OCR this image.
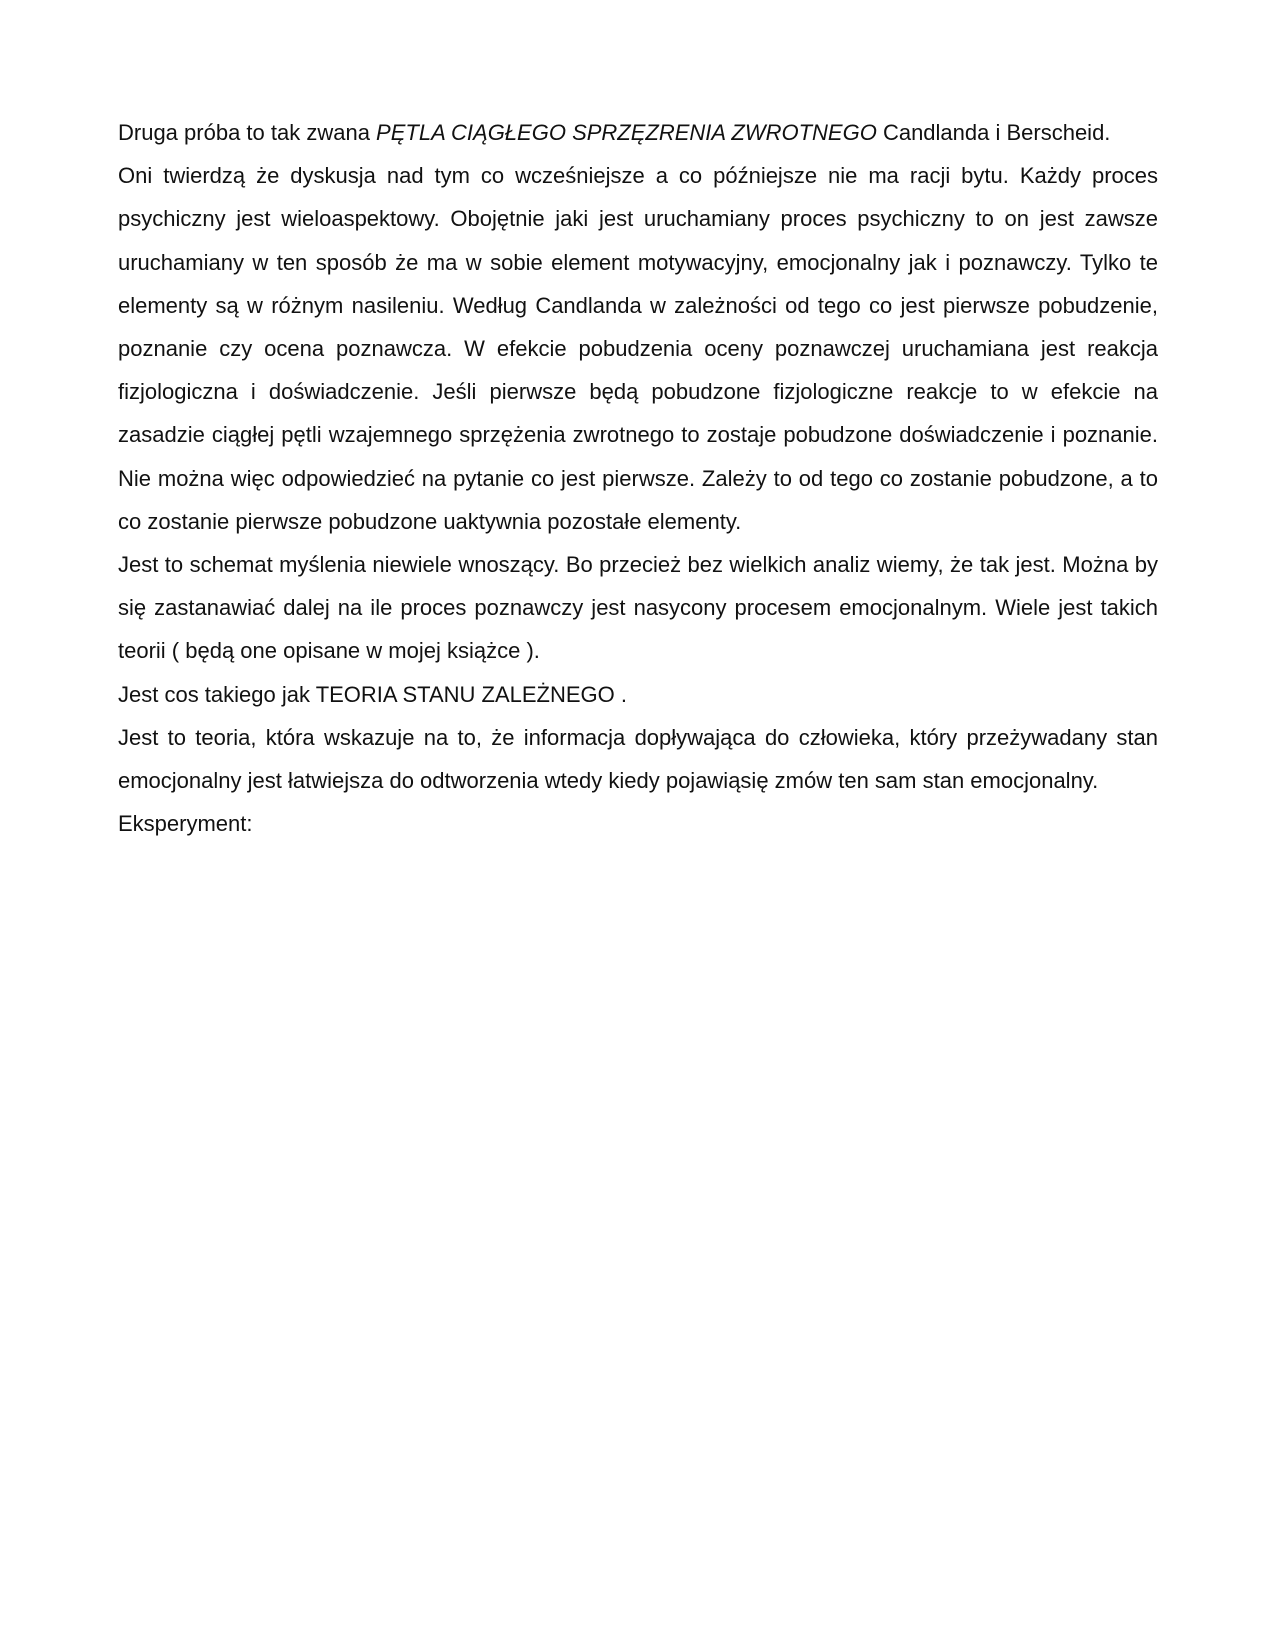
Druga próba to tak zwana PĘTLA CIĄGŁEGO SPRZĘZRENIA ZWROTNEGO Candlanda i Berscheid.

Oni twierdzą że dyskusja nad tym co wcześniejsze a co późniejsze nie ma racji bytu. Każdy proces psychiczny jest wieloaspektowy. Obojętnie jaki jest uruchamiany proces psychiczny to on jest zawsze uruchamiany w ten sposób że ma w sobie element motywacyjny, emocjonalny jak i poznawczy. Tylko te elementy są w różnym nasileniu. Według Candlanda w zależności od tego co jest pierwsze pobudzenie, poznanie czy ocena poznawcza. W efekcie pobudzenia oceny poznawczej uruchamiana jest reakcja fizjologiczna i doświadczenie. Jeśli pierwsze będą pobudzone fizjologiczne reakcje to w efekcie na zasadzie ciągłej pętli wzajemnego sprzężenia zwrotnego to zostaje pobudzone doświadczenie i poznanie. Nie można więc odpowiedzieć na pytanie co jest pierwsze. Zależy to od tego co zostanie pobudzone, a to co zostanie pierwsze pobudzone uaktywnia pozostałe elementy.

Jest to schemat myślenia niewiele wnoszący. Bo przecież bez wielkich analiz wiemy, że tak jest. Można by się zastanawiać dalej na ile proces poznawczy jest nasycony procesem emocjonalnym. Wiele jest takich teorii ( będą one opisane w mojej książce ).

Jest cos takiego jak TEORIA STANU ZALEŻNEGO .

Jest to teoria, która wskazuje na to, że informacja dopływająca do człowieka, który przeżywadany stan emocjonalny jest łatwiejsza do odtworzenia wtedy kiedy pojawiąsię zmów ten sam stan emocjonalny.

Eksperyment:
